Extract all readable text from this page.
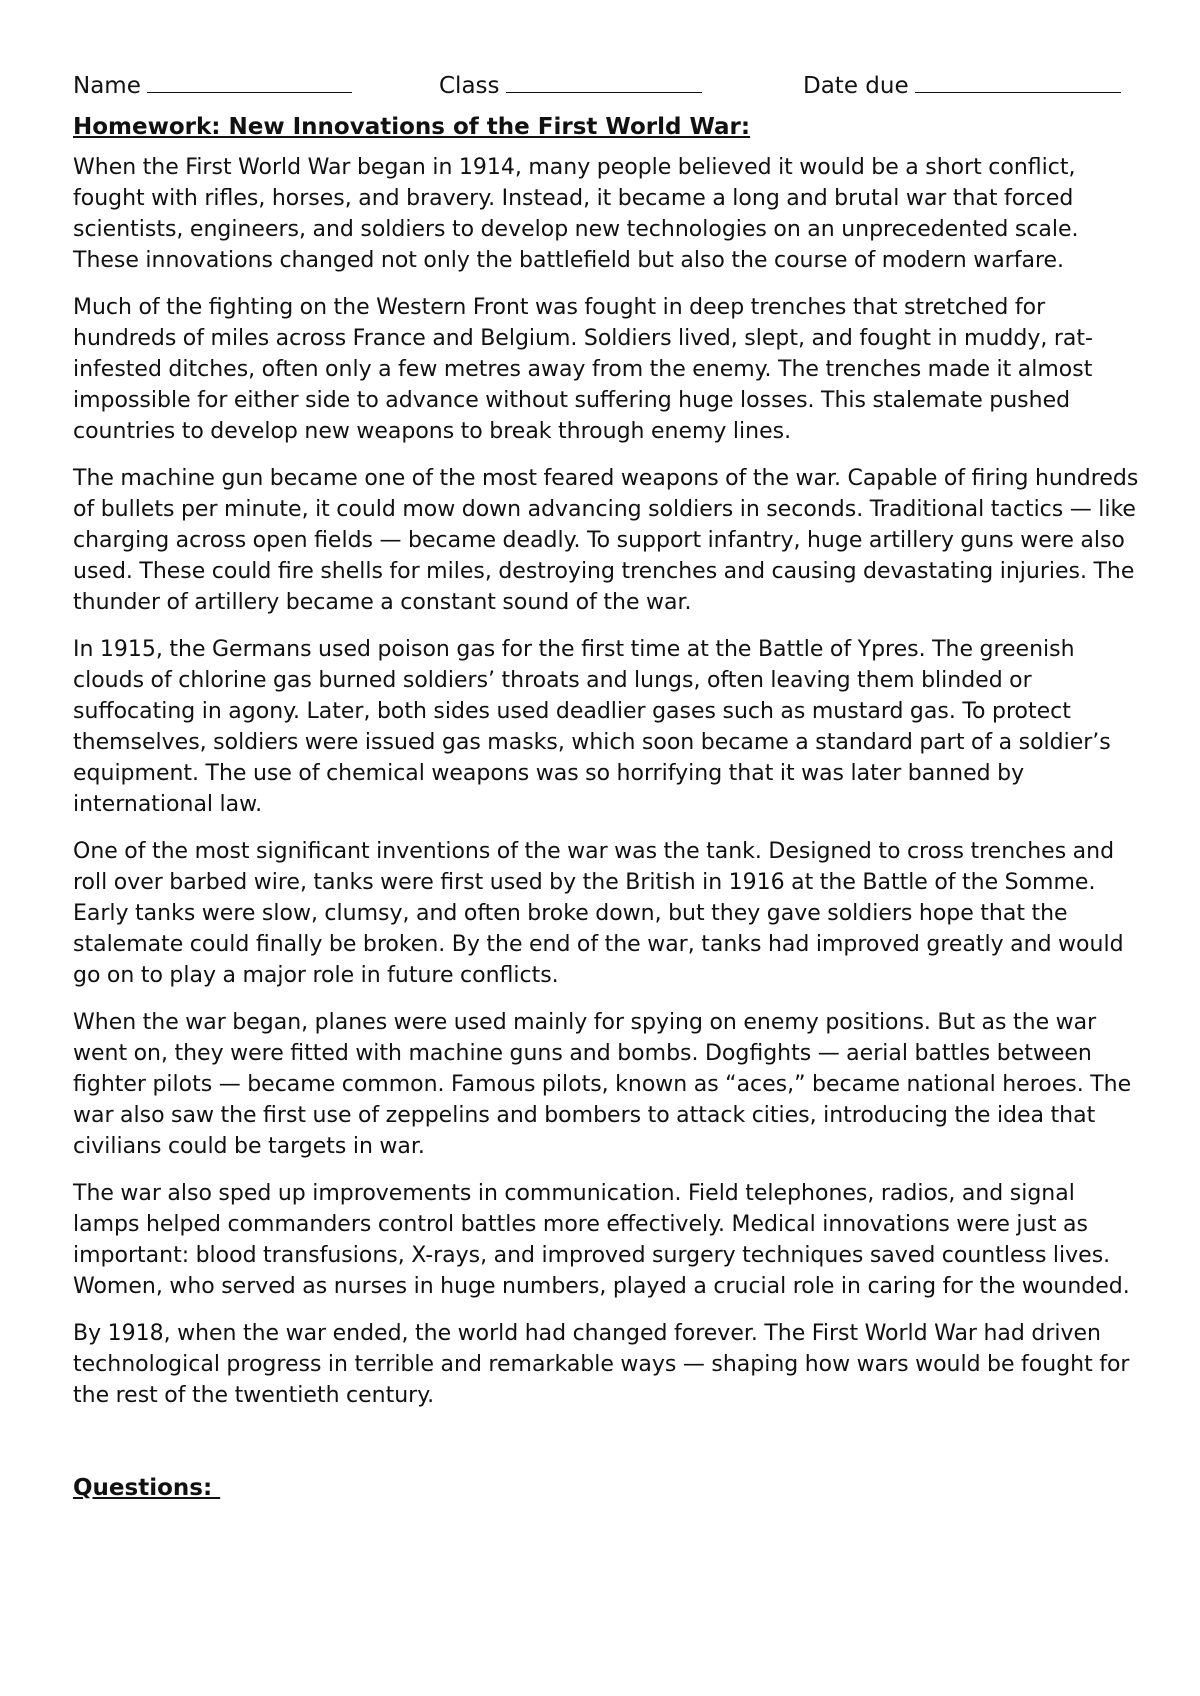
Name	Class	Date due
Homework: New Innovations of the First World War:

When the First World War began in 1914, many people believed it would be a short conflict, fought with rifles, horses, and bravery. Instead, it became a long and brutal war that forced scientists, engineers, and soldiers to develop new technologies on an unprecedented scale. These innovations changed not only the battlefield but also the course of modern warfare.

Much of the fighting on the Western Front was fought in deep trenches that stretched for hundreds of miles across France and Belgium. Soldiers lived, slept, and fought in muddy, rat-infested ditches, often only a few metres away from the enemy. The trenches made it almost impossible for either side to advance without suffering huge losses. This stalemate pushed countries to develop new weapons to break through enemy lines.

The machine gun became one of the most feared weapons of the war. Capable of firing hundreds of bullets per minute, it could mow down advancing soldiers in seconds. Traditional tactics — like charging across open fields — became deadly. To support infantry, huge artillery guns were also used. These could fire shells for miles, destroying trenches and causing devastating injuries. The thunder of artillery became a constant sound of the war.

In 1915, the Germans used poison gas for the first time at the Battle of Ypres. The greenish clouds of chlorine gas burned soldiers’ throats and lungs, often leaving them blinded or suffocating in agony. Later, both sides used deadlier gases such as mustard gas. To protect themselves, soldiers were issued gas masks, which soon became a standard part of a soldier’s equipment. The use of chemical weapons was so horrifying that it was later banned by international law.

One of the most significant inventions of the war was the tank. Designed to cross trenches and roll over barbed wire, tanks were first used by the British in 1916 at the Battle of the Somme. Early tanks were slow, clumsy, and often broke down, but they gave soldiers hope that the stalemate could finally be broken. By the end of the war, tanks had improved greatly and would go on to play a major role in future conflicts.

When the war began, planes were used mainly for spying on enemy positions. But as the war went on, they were fitted with machine guns and bombs. Dogfights — aerial battles between fighter pilots — became common. Famous pilots, known as “aces,” became national heroes. The war also saw the first use of zeppelins and bombers to attack cities, introducing the idea that civilians could be targets in war.

The war also sped up improvements in communication. Field telephones, radios, and signal lamps helped commanders control battles more effectively. Medical innovations were just as important: blood transfusions, X-rays, and improved surgery techniques saved countless lives. Women, who served as nurses in huge numbers, played a crucial role in caring for the wounded.

By 1918, when the war ended, the world had changed forever. The First World War had driven technological progress in terrible and remarkable ways — shaping how wars would be fought for the rest of the twentieth century.

Questions:
